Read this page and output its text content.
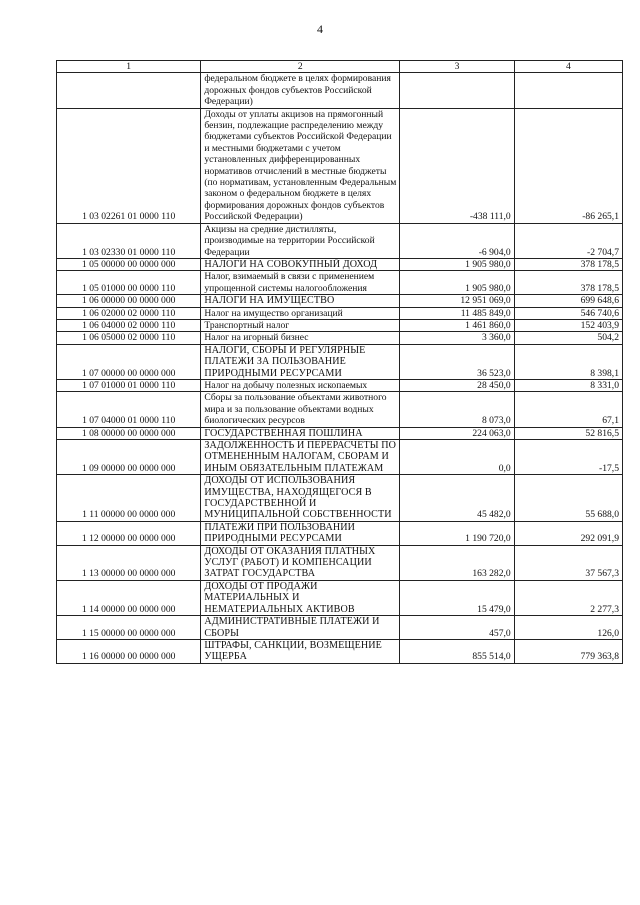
4
1	2	3	4
	федеральном бюджете в целях формирования дорожных фондов субъектов Российской Федерации)		
1 03 02261 01 0000 110	Доходы от уплаты акцизов на прямогонный бензин, подлежащие распределению между бюджетами субъектов Российской Федерации и местными бюджетами с учетом установленных дифференцированных нормативов отчислений в местные бюджеты (по нормативам, установленным Федеральным законом о федеральном бюджете в целях формирования дорожных фондов субъектов Российской Федерации)	-438 111,0	-86 265,1
1 03 02330 01 0000 110	Акцизы на средние дистилляты, производимые на территории Российской Федерации	-6 904,0	-2 704,7
1 05 00000 00 0000 000	НАЛОГИ НА СОВОКУПНЫЙ ДОХОД	1 905 980,0	378 178,5
1 05 01000 00 0000 110	Налог, взимаемый в связи с применением упрощенной системы налогообложения	1 905 980,0	378 178,5
1 06 00000 00 0000 000	НАЛОГИ НА ИМУЩЕСТВО	12 951 069,0	699 648,6
1 06 02000 02 0000 110	Налог на имущество организаций	11 485 849,0	546 740,6
1 06 04000 02 0000 110	Транспортный налог	1 461 860,0	152 403,9
1 06 05000 02 0000 110	Налог на игорный бизнес	3 360,0	504,2
1 07 00000 00 0000 000	НАЛОГИ, СБОРЫ И РЕГУЛЯРНЫЕ ПЛАТЕЖИ ЗА ПОЛЬЗОВАНИЕ ПРИРОДНЫМИ РЕСУРСАМИ	36 523,0	8 398,1
1 07 01000 01 0000 110	Налог на добычу полезных ископаемых	28 450,0	8 331,0
1 07 04000 01 0000 110	Сборы за пользование объектами животного мира и за пользование объектами водных биологических ресурсов	8 073,0	67,1
1 08 00000 00 0000 000	ГОСУДАРСТВЕННАЯ ПОШЛИНА	224 063,0	52 816,5
1 09 00000 00 0000 000	ЗАДОЛЖЕННОСТЬ И ПЕРЕРАСЧЕТЫ ПО ОТМЕНЕННЫМ НАЛОГАМ, СБОРАМ И ИНЫМ ОБЯЗАТЕЛЬНЫМ ПЛАТЕЖАМ	0,0	-17,5
1 11 00000 00 0000 000	ДОХОДЫ ОТ ИСПОЛЬЗОВАНИЯ ИМУЩЕСТВА, НАХОДЯЩЕГОСЯ В ГОСУДАРСТВЕННОЙ И МУНИЦИПАЛЬНОЙ СОБСТВЕННОСТИ	45 482,0	55 688,0
1 12 00000 00 0000 000	ПЛАТЕЖИ ПРИ ПОЛЬЗОВАНИИ ПРИРОДНЫМИ РЕСУРСАМИ	1 190 720,0	292 091,9
1 13 00000 00 0000 000	ДОХОДЫ ОТ ОКАЗАНИЯ ПЛАТНЫХ УСЛУГ (РАБОТ) И КОМПЕНСАЦИИ ЗАТРАТ ГОСУДАРСТВА	163 282,0	37 567,3
1 14 00000 00 0000 000	ДОХОДЫ ОТ ПРОДАЖИ МАТЕРИАЛЬНЫХ И НЕМАТЕРИАЛЬНЫХ АКТИВОВ	15 479,0	2 277,3
1 15 00000 00 0000 000	АДМИНИСТРАТИВНЫЕ ПЛАТЕЖИ И СБОРЫ	457,0	126,0
1 16 00000 00 0000 000	ШТРАФЫ, САНКЦИИ, ВОЗМЕЩЕНИЕ УЩЕРБА	855 514,0	779 363,8
